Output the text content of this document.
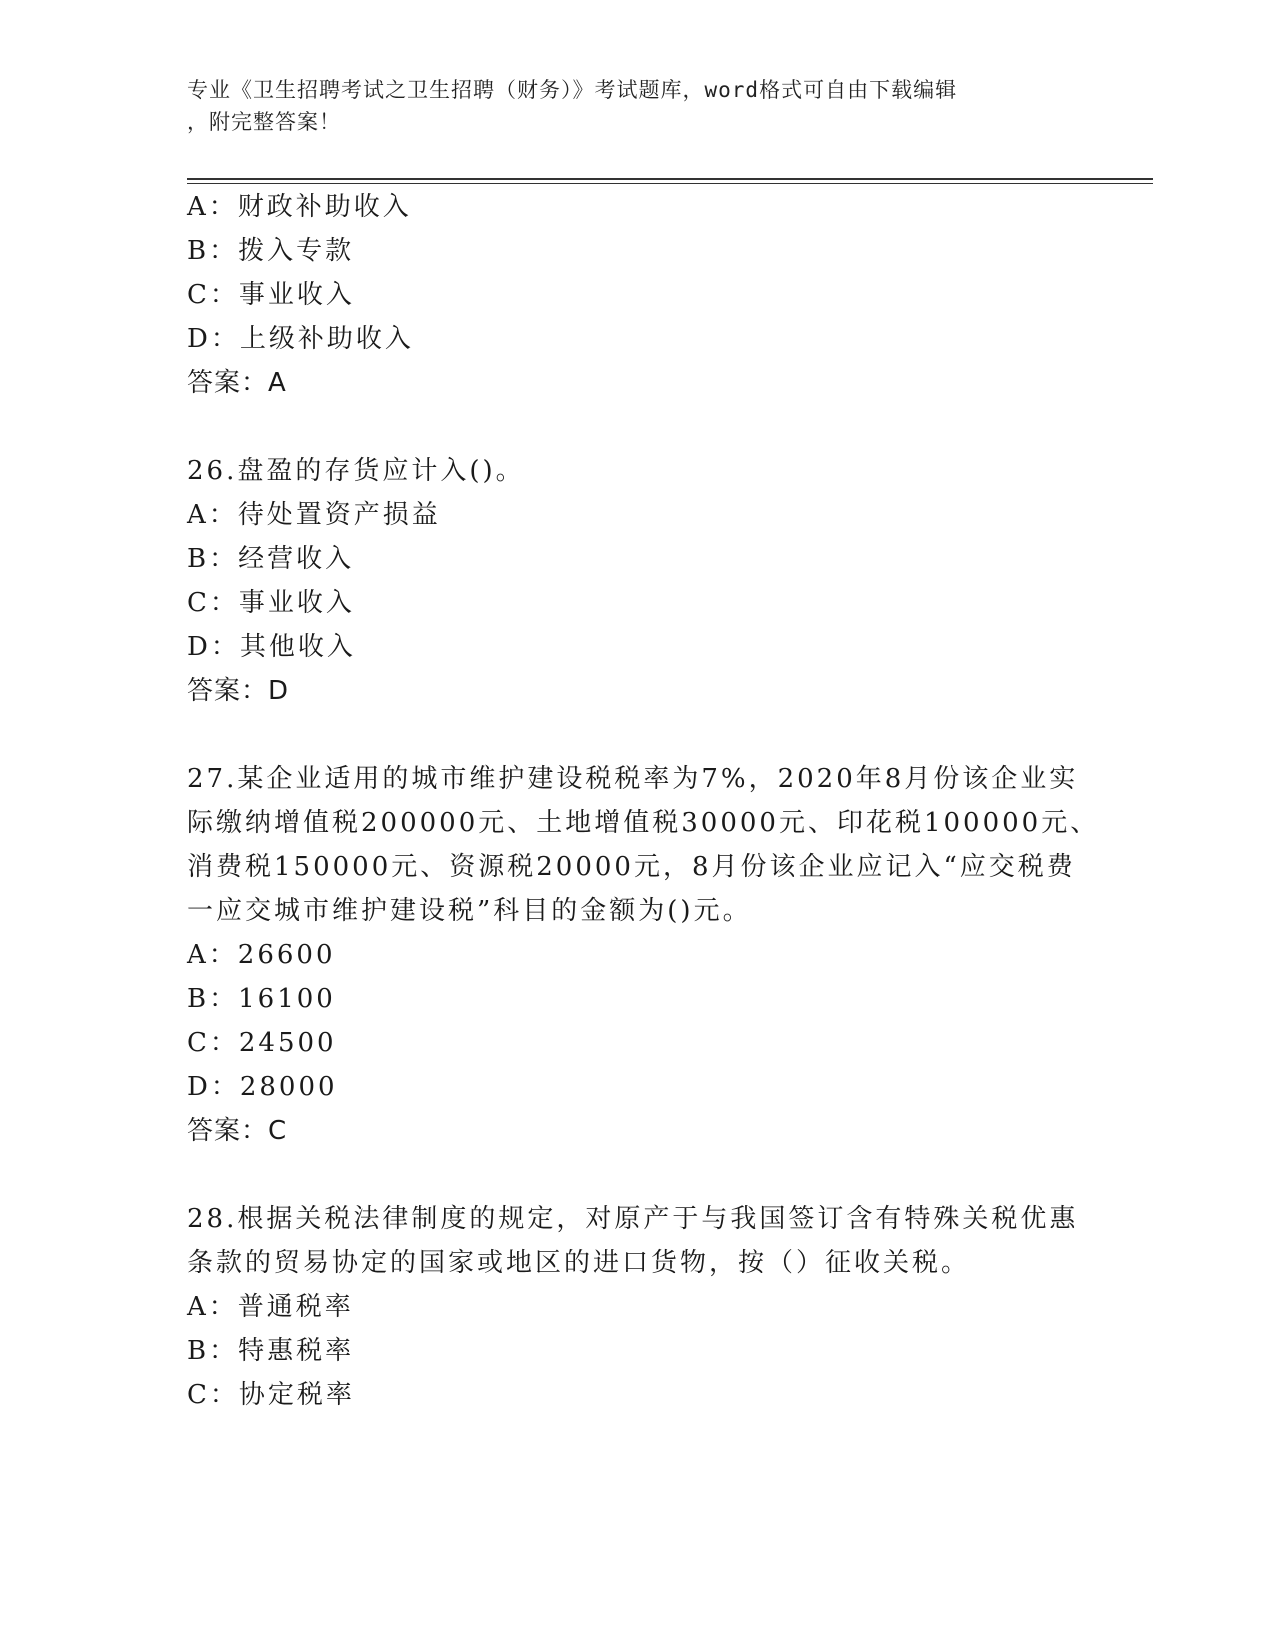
专业《卫生招聘考试之卫生招聘（财务）》考试题库，word格式可自由下载编辑
，附完整答案！
A：财政补助收入
B：拨入专款
C：事业收入
D：上级补助收入
答案：A
26.盘盈的存货应计入()。
A：待处置资产损益
B：经营收入
C：事业收入
D：其他收入
答案：D
27.某企业适用的城市维护建设税税率为7%，2020年8月份该企业实
际缴纳增值税200000元、土地增值税30000元、印花税100000元、
消费税150000元、资源税20000元，8月份该企业应记入“应交税费
一应交城市维护建设税”科目的金额为()元。
A：26600
B：16100
C：24500
D：28000
答案：C
28.根据关税法律制度的规定，对原产于与我国签订含有特殊关税优惠
条款的贸易协定的国家或地区的进口货物，按（）征收关税。
A：普通税率
B：特惠税率
C：协定税率
